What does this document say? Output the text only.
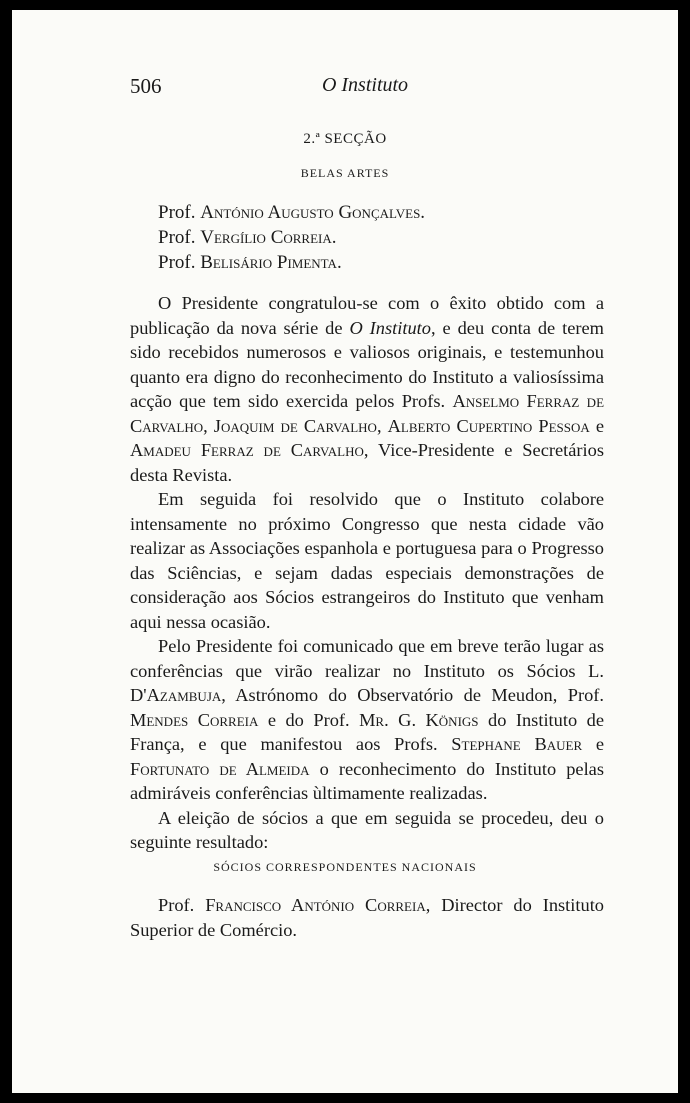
506	O Instituto
2.ª SECÇÃO
BELAS ARTES
Prof. António Augusto Gonçalves.
Prof. Vergílio Correia.
Prof. Belisário Pimenta.

O Presidente congratulou-se com o êxito obtido com a publicação da nova série de O Instituto, e deu conta de terem sido recebidos numerosos e valiosos originais, e testemunhou quanto era digno do reconhecimento do Instituto a valiosíssima acção que tem sido exercida pelos Profs. Anselmo Ferraz de Carvalho, Joaquim de Carvalho, Alberto Cupertino Pessoa e Amadeu Ferraz de Carvalho, Vice-Presidente e Secretários desta Revista.

Em seguida foi resolvido que o Instituto colabore intensamente no próximo Congresso que nesta cidade vão realizar as Associações espanhola e portuguesa para o Progresso das Sciências, e sejam dadas especiais demonstrações de consideração aos Sócios estrangeiros do Instituto que venham aqui nessa ocasião.

Pelo Presidente foi comunicado que em breve terão lugar as conferências que virão realizar no Instituto os Sócios L. D'Azambuja, Astrónomo do Observatório de Meudon, Prof. Mendes Correia e do Prof. Mr. G. Königs do Instituto de França, e que manifestou aos Profs. Stephane Bauer e Fortunato de Almeida o reconhecimento do Instituto pelas admiráveis conferências ùltimamente realizadas.

A eleição de sócios a que em seguida se procedeu, deu o seguinte resultado:

SÓCIOS CORRESPONDENTES NACIONAIS

Prof. Francisco António Correia, Director do Instituto Superior de Comércio.
